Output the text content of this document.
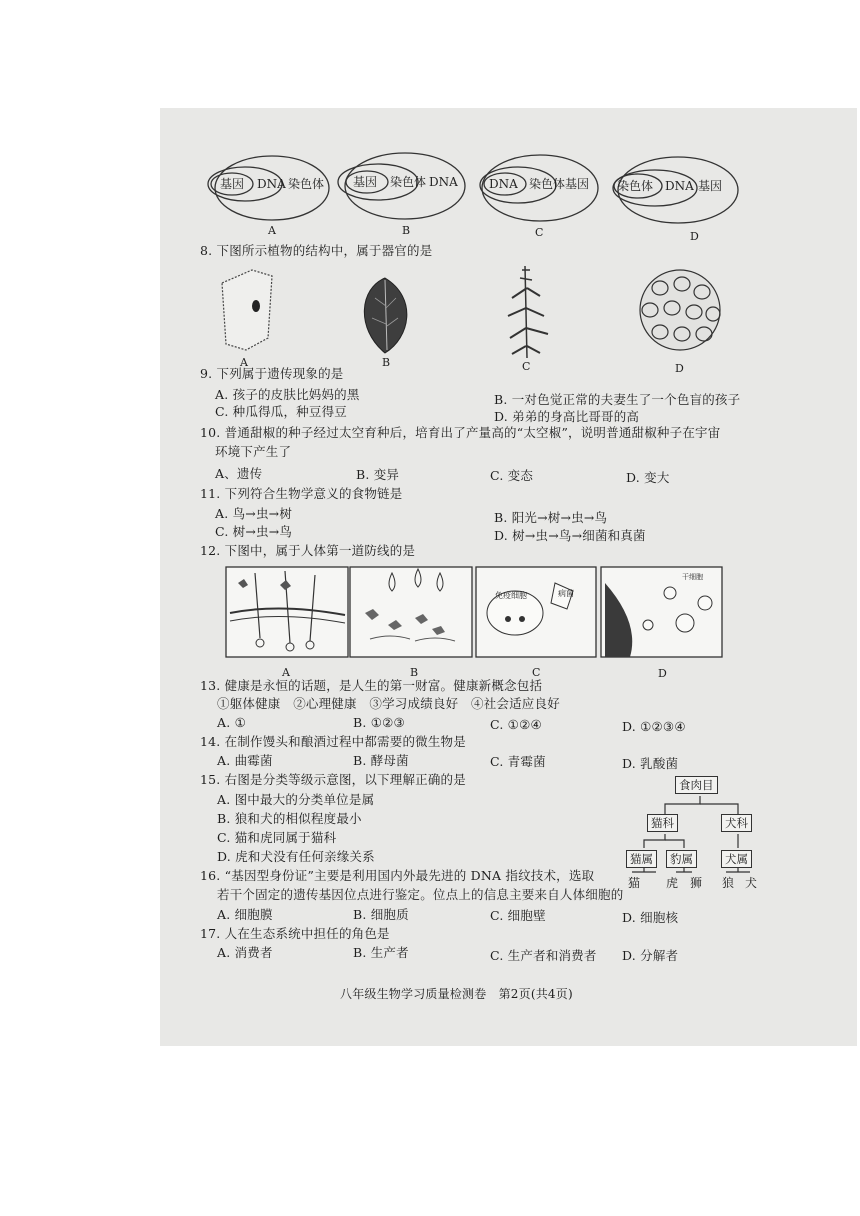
基因 DNA 染色体
A
基因 染色体 DNA
B
DNA 染色体 基因
C
染色体 DNA 基因
D
8. 下图所示植物的结构中，属于器官的是
A	B	C	D
9. 下列属于遗传现象的是
A. 孩子的皮肤比妈妈的黑	B. 一对色觉正常的夫妻生了一个色盲的孩子
C. 种瓜得瓜，种豆得豆	D. 弟弟的身高比哥哥的高
10. 普通甜椒的种子经过太空育种后，培育出了产量高的“太空椒”，说明普通甜椒种子在宇宙
环境下产生了
A、遗传	B. 变异	C. 变态	D. 变大
11. 下列符合生物学意义的食物链是
A. 鸟→虫→树	B. 阳光→树→虫→鸟
C. 树→虫→鸟	D. 树→虫→鸟→细菌和真菌
12. 下图中，属于人体第一道防线的是
免疫细胞	病菌
干细胞
A	B	C	D
13. 健康是永恒的话题，是人生的第一财富。健康新概念包括
①躯体健康　②心理健康　③学习成绩良好　④社会适应良好
A. ①	B. ①②③	C. ①②④	D. ①②③④
14. 在制作馒头和酿酒过程中都需要的微生物是
A. 曲霉菌	B. 酵母菌	C. 青霉菌	D. 乳酸菌
15. 右图是分类等级示意图，以下理解正确的是
A. 图中最大的分类单位是属
B. 狼和犬的相似程度最小
C. 猫和虎同属于猫科
D. 虎和犬没有任何亲缘关系
食肉目
猫科	犬科
猫属	豹属	犬属
猫 虎 狮 狼 犬
16. “基因型身份证”主要是利用国内外最先进的 DNA 指纹技术，选取
若干个固定的遗传基因位点进行鉴定。位点上的信息主要来自人体细胞的
A. 细胞膜	B. 细胞质	C. 细胞壁	D. 细胞核
17. 人在生态系统中担任的角色是
A. 消费者	B. 生产者	C. 生产者和消费者 D. 分解者
八年级生物学习质量检测卷　第2页(共4页)
